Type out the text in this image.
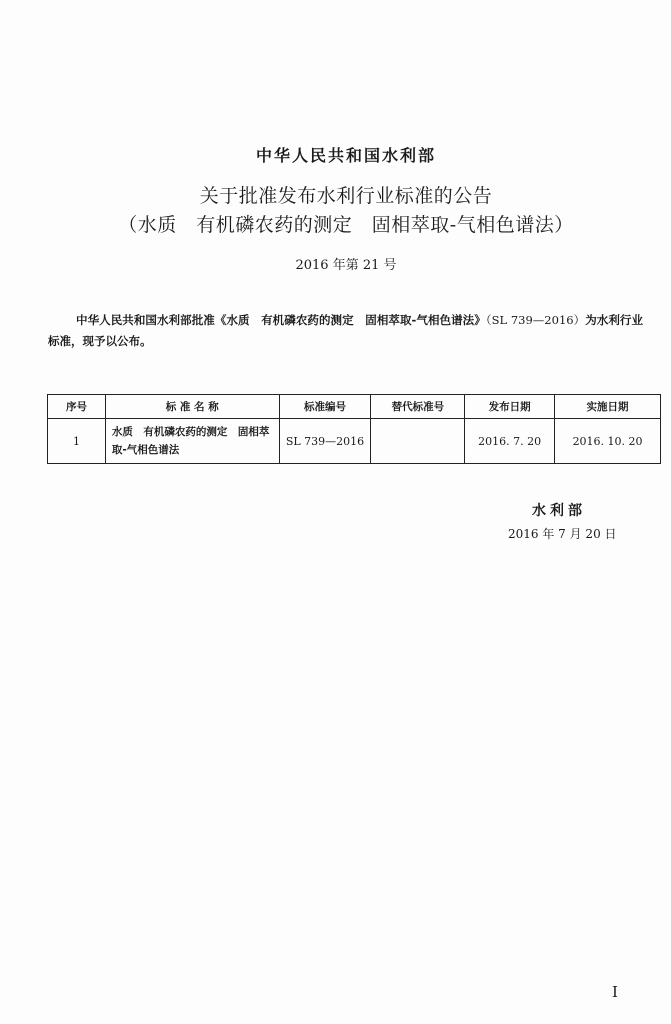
中华人民共和国水利部
关于批准发布水利行业标准的公告
（水质　有机磷农药的测定　固相萃取-气相色谱法）
2016 年第 21 号
中华人民共和国水利部批准《水质　有机磷农药的测定　固相萃取-气相色谱法》（SL 739—2016）为水利行业标准，现予以公布。
序号	标 准 名 称	标准编号	替代标准号	发布日期	实施日期
1	水质　有机磷农药的测定　固相萃取-气相色谱法	SL 739—2016		2016. 7. 20	2016. 10. 20
水利部
2016 年 7 月 20 日
I
